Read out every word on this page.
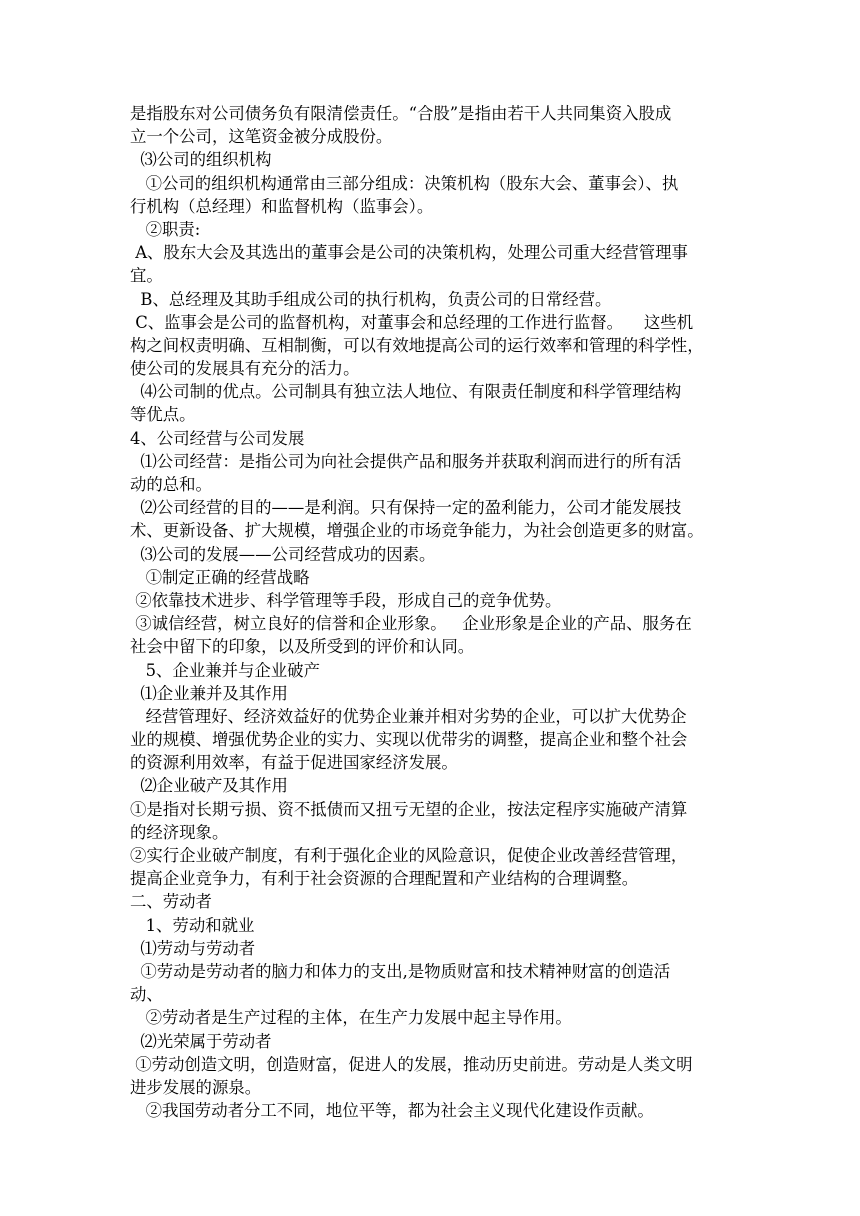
是指股东对公司债务负有限清偿责任。“合股”是指由若干人共同集资入股成
立一个公司，这笔资金被分成股份。
⑶公司的组织机构
①公司的组织机构通常由三部分组成：决策机构（股东大会、董事会）、执
行机构（总经理）和监督机构（监事会）。
②职责:
A、股东大会及其选出的董事会是公司的决策机构，处理公司重大经营管理事
宜。
B、总经理及其助手组成公司的执行机构，负责公司的日常经营。
C、监事会是公司的监督机构，对董事会和总经理的工作进行监督。    这些机
构之间权责明确、互相制衡，可以有效地提高公司的运行效率和管理的科学性，
使公司的发展具有充分的活力。
⑷公司制的优点。公司制具有独立法人地位、有限责任制度和科学管理结构
等优点。
4、公司经营与公司发展
⑴公司经营：是指公司为向社会提供产品和服务并获取利润而进行的所有活
动的总和。
⑵公司经营的目的——是利润。只有保持一定的盈利能力，公司才能发展技
术、更新设备、扩大规模，增强企业的市场竞争能力，为社会创造更多的财富。
⑶公司的发展——公司经营成功的因素。
①制定正确的经营战略
②依靠技术进步、科学管理等手段，形成自己的竞争优势。
③诚信经营，树立良好的信誉和企业形象。   企业形象是企业的产品、服务在
社会中留下的印象，以及所受到的评价和认同。
5、企业兼并与企业破产
⑴企业兼并及其作用
经营管理好、经济效益好的优势企业兼并相对劣势的企业，可以扩大优势企
业的规模、增强优势企业的实力、实现以优带劣的调整，提高企业和整个社会
的资源利用效率，有益于促进国家经济发展。
⑵企业破产及其作用
①是指对长期亏损、资不抵债而又扭亏无望的企业，按法定程序实施破产清算
的经济现象。
②实行企业破产制度，有利于强化企业的风险意识，促使企业改善经营管理，
提高企业竞争力，有利于社会资源的合理配置和产业结构的合理调整。
二、劳动者
1、劳动和就业
⑴劳动与劳动者
①劳动是劳动者的脑力和体力的支出,是物质财富和技术精神财富的创造活
动、
②劳动者是生产过程的主体，在生产力发展中起主导作用。
⑵光荣属于劳动者
①劳动创造文明，创造财富，促进人的发展，推动历史前进。劳动是人类文明
进步发展的源泉。
②我国劳动者分工不同，地位平等，都为社会主义现代化建设作贡献。
